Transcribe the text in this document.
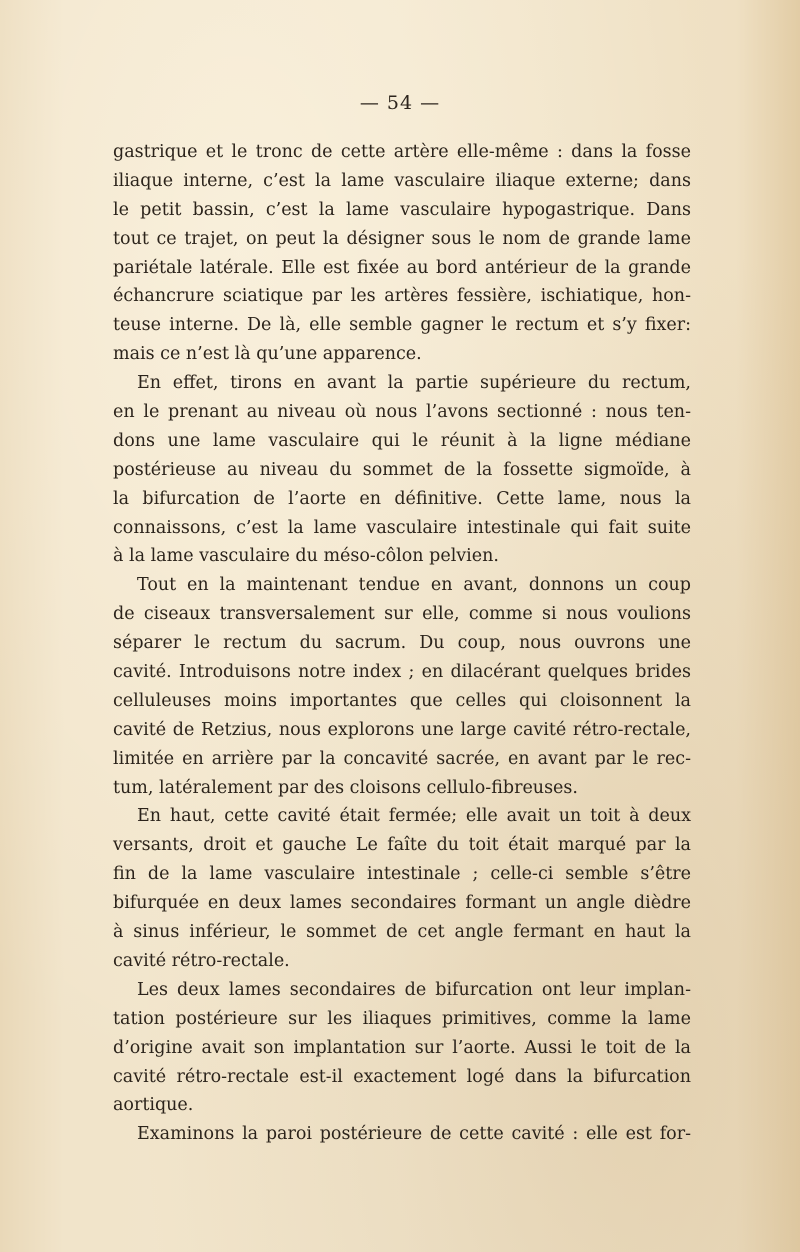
— 54 —
gastrique et le tronc de cette artère elle-même : dans la fosse
iliaque interne, c’est la lame vasculaire iliaque externe; dans
le petit bassin, c’est la lame vasculaire hypogastrique. Dans
tout ce trajet, on peut la désigner sous le nom de grande lame
pariétale latérale. Elle est fixée au bord antérieur de la grande
échancrure sciatique par les artères fessière, ischiatique, hon-
teuse interne. De là, elle semble gagner le rectum et s’y fixer:
mais ce n’est là qu’une apparence.
En effet, tirons en avant la partie supérieure du rectum,
en le prenant au niveau où nous l’avons sectionné : nous ten-
dons une lame vasculaire qui le réunit à la ligne médiane
postérieuse au niveau du sommet de la fossette sigmoïde, à
la bifurcation de l’aorte en définitive. Cette lame, nous la
connaissons, c’est la lame vasculaire intestinale qui fait suite
à la lame vasculaire du méso-côlon pelvien.
Tout en la maintenant tendue en avant, donnons un coup
de ciseaux transversalement sur elle, comme si nous voulions
séparer le rectum du sacrum. Du coup, nous ouvrons une
cavité. Introduisons notre index ; en dilacérant quelques brides
celluleuses moins importantes que celles qui cloisonnent la
cavité de Retzius, nous explorons une large cavité rétro-rectale,
limitée en arrière par la concavité sacrée, en avant par le rec-
tum, latéralement par des cloisons cellulo-fibreuses.
En haut, cette cavité était fermée; elle avait un toit à deux
versants, droit et gauche Le faîte du toit était marqué par la
fin de la lame vasculaire intestinale ; celle-ci semble s’être
bifurquée en deux lames secondaires formant un angle dièdre
à sinus inférieur, le sommet de cet angle fermant en haut la
cavité rétro-rectale.
Les deux lames secondaires de bifurcation ont leur implan-
tation postérieure sur les iliaques primitives, comme la lame
d’origine avait son implantation sur l’aorte. Aussi le toit de la
cavité rétro-rectale est-il exactement logé dans la bifurcation
aortique.
Examinons la paroi postérieure de cette cavité : elle est for-
